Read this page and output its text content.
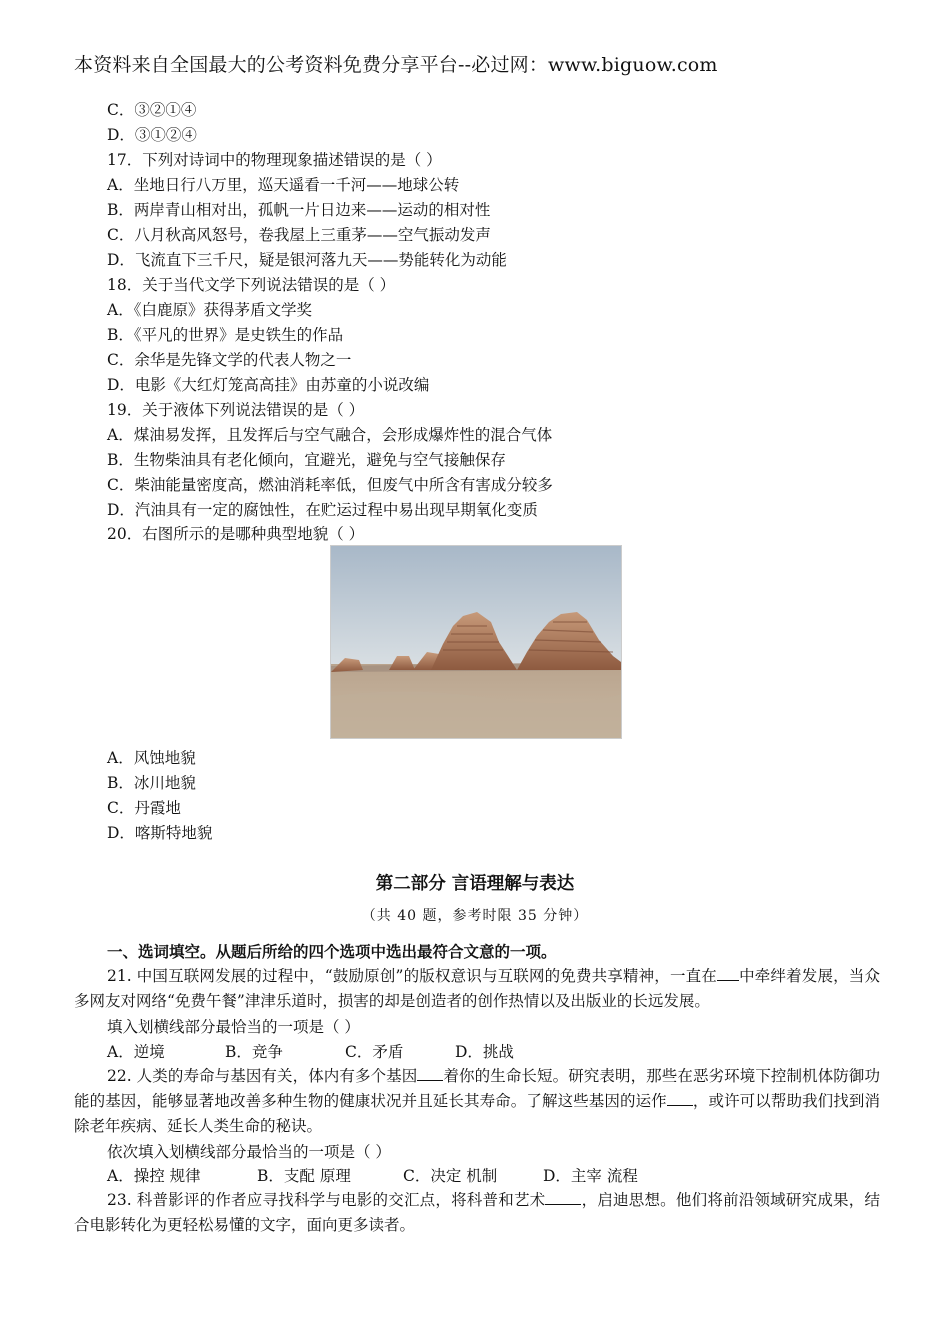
本资料来自全国最大的公考资料免费分享平台--必过网：www.biguow.com
C．③②①④
D．③①②④
17．下列对诗词中的物理现象描述错误的是（ ）
A．坐地日行八万里，巡天遥看一千河——地球公转
B．两岸青山相对出，孤帆一片日边来——运动的相对性
C．八月秋高风怒号，卷我屋上三重茅——空气振动发声
D．飞流直下三千尺，疑是银河落九天——势能转化为动能
18．关于当代文学下列说法错误的是（ ）
A．《白鹿原》获得茅盾文学奖
B．《平凡的世界》是史铁生的作品
C．余华是先锋文学的代表人物之一
D．电影《大红灯笼高高挂》由苏童的小说改编
19．关于液体下列说法错误的是（ ）
A．煤油易发挥，且发挥后与空气融合，会形成爆炸性的混合气体
B．生物柴油具有老化倾向，宜避光，避免与空气接触保存
C．柴油能量密度高，燃油消耗率低，但废气中所含有害成分较多
D．汽油具有一定的腐蚀性，在贮运过程中易出现早期氧化变质
20．右图所示的是哪种典型地貌（ ）
A．风蚀地貌
B．冰川地貌
C．丹霞地
D．喀斯特地貌
第二部分 言语理解与表达
（共 40 题，参考时限 35 分钟）
一、选词填空。从题后所给的四个选项中选出最符合文意的一项。
21. 中国互联网发展的过程中，“鼓励原创”的版权意识与互联网的免费共享精神，一直在 中牵绊着发展，当众多网友对网络“免费午餐”津津乐道时，损害的却是创造者的创作热情以及出版业的长远发展。
填入划横线部分最恰当的一项是（ ）
A．逆境	B．竞争	C．矛盾	D．挑战
22. 人类的寿命与基因有关，体内有多个基因 着你的生命长短。研究表明，那些在恶劣环境下控制机体防御功能的基因，能够显著地改善多种生物的健康状况并且延长其寿命。了解这些基因的运作 ，或许可以帮助我们找到消除老年疾病、延长人类生命的秘诀。
依次填入划横线部分最恰当的一项是（ ）
A．操控 规律	B．支配 原理	C．决定 机制	D．主宰 流程
23. 科普影评的作者应寻找科学与电影的交汇点，将科普和艺术 ，启迪思想。他们将前沿领域研究成果，结合电影转化为更轻松易懂的文字，面向更多读者。
